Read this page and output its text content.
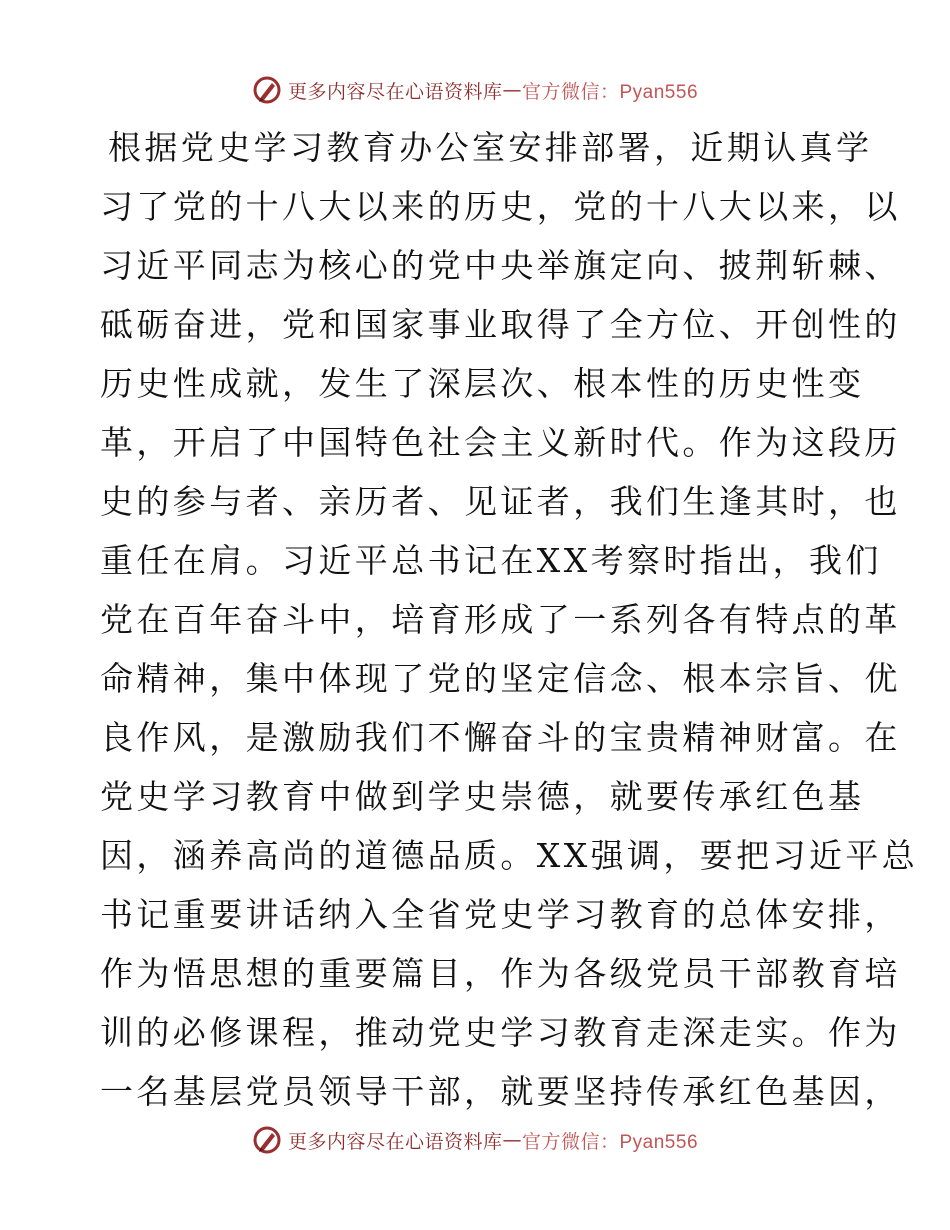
更多内容尽在心语资料库 — 官方微信：Pyan556
根据党史学习教育办公室安排部署，近期认真学
习了党的十八大以来的历史，党的十八大以来，以
习近平同志为核心的党中央举旗定向、披荆斩棘、
砥砺奋进，党和国家事业取得了全方位、开创性的
历史性成就，发生了深层次、根本性的历史性变
革，开启了中国特色社会主义新时代。作为这段历
史的参与者、亲历者、见证者，我们生逢其时，也
重任在肩。习近平总书记在XX考察时指出，我们
党在百年奋斗中，培育形成了一系列各有特点的革
命精神，集中体现了党的坚定信念、根本宗旨、优
良作风，是激励我们不懈奋斗的宝贵精神财富。在
党史学习教育中做到学史崇德，就要传承红色基
因，涵养高尚的道德品质。XX强调，要把习近平总
书记重要讲话纳入全省党史学习教育的总体安排，
作为悟思想的重要篇目，作为各级党员干部教育培
训的必修课程，推动党史学习教育走深走实。作为
一名基层党员领导干部，就要坚持传承红色基因，
更多内容尽在心语资料库 — 官方微信：Pyan556
